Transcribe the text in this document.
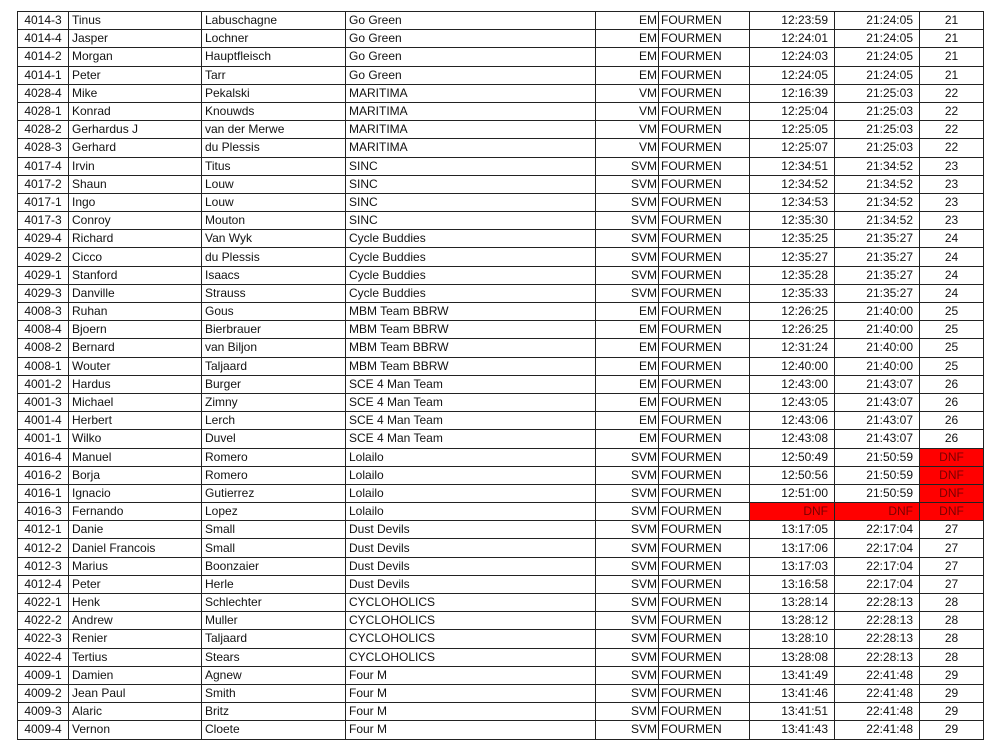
4014-3	Tinus	Labuschagne	Go Green	EM	FOURMEN	12:23:59	21:24:05	21
4014-4	Jasper	Lochner	Go Green	EM	FOURMEN	12:24:01	21:24:05	21
4014-2	Morgan	Hauptfleisch	Go Green	EM	FOURMEN	12:24:03	21:24:05	21
4014-1	Peter	Tarr	Go Green	EM	FOURMEN	12:24:05	21:24:05	21
4028-4	Mike	Pekalski	MARITIMA	VM	FOURMEN	12:16:39	21:25:03	22
4028-1	Konrad	Knouwds	MARITIMA	VM	FOURMEN	12:25:04	21:25:03	22
4028-2	Gerhardus J	van der Merwe	MARITIMA	VM	FOURMEN	12:25:05	21:25:03	22
4028-3	Gerhard	du Plessis	MARITIMA	VM	FOURMEN	12:25:07	21:25:03	22
4017-4	Irvin	Titus	SINC	SVM	FOURMEN	12:34:51	21:34:52	23
4017-2	Shaun	Louw	SINC	SVM	FOURMEN	12:34:52	21:34:52	23
4017-1	Ingo	Louw	SINC	SVM	FOURMEN	12:34:53	21:34:52	23
4017-3	Conroy	Mouton	SINC	SVM	FOURMEN	12:35:30	21:34:52	23
4029-4	Richard	Van Wyk	Cycle Buddies	SVM	FOURMEN	12:35:25	21:35:27	24
4029-2	Cicco	du Plessis	Cycle Buddies	SVM	FOURMEN	12:35:27	21:35:27	24
4029-1	Stanford	Isaacs	Cycle Buddies	SVM	FOURMEN	12:35:28	21:35:27	24
4029-3	Danville	Strauss	Cycle Buddies	SVM	FOURMEN	12:35:33	21:35:27	24
4008-3	Ruhan	Gous	MBM Team BBRW	EM	FOURMEN	12:26:25	21:40:00	25
4008-4	Bjoern	Bierbrauer	MBM Team BBRW	EM	FOURMEN	12:26:25	21:40:00	25
4008-2	Bernard	van Biljon	MBM Team BBRW	EM	FOURMEN	12:31:24	21:40:00	25
4008-1	Wouter	Taljaard	MBM Team BBRW	EM	FOURMEN	12:40:00	21:40:00	25
4001-2	Hardus	Burger	SCE 4 Man Team	EM	FOURMEN	12:43:00	21:43:07	26
4001-3	Michael	Zimny	SCE 4 Man Team	EM	FOURMEN	12:43:05	21:43:07	26
4001-4	Herbert	Lerch	SCE 4 Man Team	EM	FOURMEN	12:43:06	21:43:07	26
4001-1	Wilko	Duvel	SCE 4 Man Team	EM	FOURMEN	12:43:08	21:43:07	26
4016-4	Manuel	Romero	Lolailo	SVM	FOURMEN	12:50:49	21:50:59	DNF
4016-2	Borja	Romero	Lolailo	SVM	FOURMEN	12:50:56	21:50:59	DNF
4016-1	Ignacio	Gutierrez	Lolailo	SVM	FOURMEN	12:51:00	21:50:59	DNF
4016-3	Fernando	Lopez	Lolailo	SVM	FOURMEN	DNF	DNF	DNF
4012-1	Danie	Small	Dust Devils	SVM	FOURMEN	13:17:05	22:17:04	27
4012-2	Daniel Francois	Small	Dust Devils	SVM	FOURMEN	13:17:06	22:17:04	27
4012-3	Marius	Boonzaier	Dust Devils	SVM	FOURMEN	13:17:03	22:17:04	27
4012-4	Peter	Herle	Dust Devils	SVM	FOURMEN	13:16:58	22:17:04	27
4022-1	Henk	Schlechter	CYCLOHOLICS	SVM	FOURMEN	13:28:14	22:28:13	28
4022-2	Andrew	Muller	CYCLOHOLICS	SVM	FOURMEN	13:28:12	22:28:13	28
4022-3	Renier	Taljaard	CYCLOHOLICS	SVM	FOURMEN	13:28:10	22:28:13	28
4022-4	Tertius	Stears	CYCLOHOLICS	SVM	FOURMEN	13:28:08	22:28:13	28
4009-1	Damien	Agnew	Four M	SVM	FOURMEN	13:41:49	22:41:48	29
4009-2	Jean Paul	Smith	Four M	SVM	FOURMEN	13:41:46	22:41:48	29
4009-3	Alaric	Britz	Four M	SVM	FOURMEN	13:41:51	22:41:48	29
4009-4	Vernon	Cloete	Four M	SVM	FOURMEN	13:41:43	22:41:48	29
